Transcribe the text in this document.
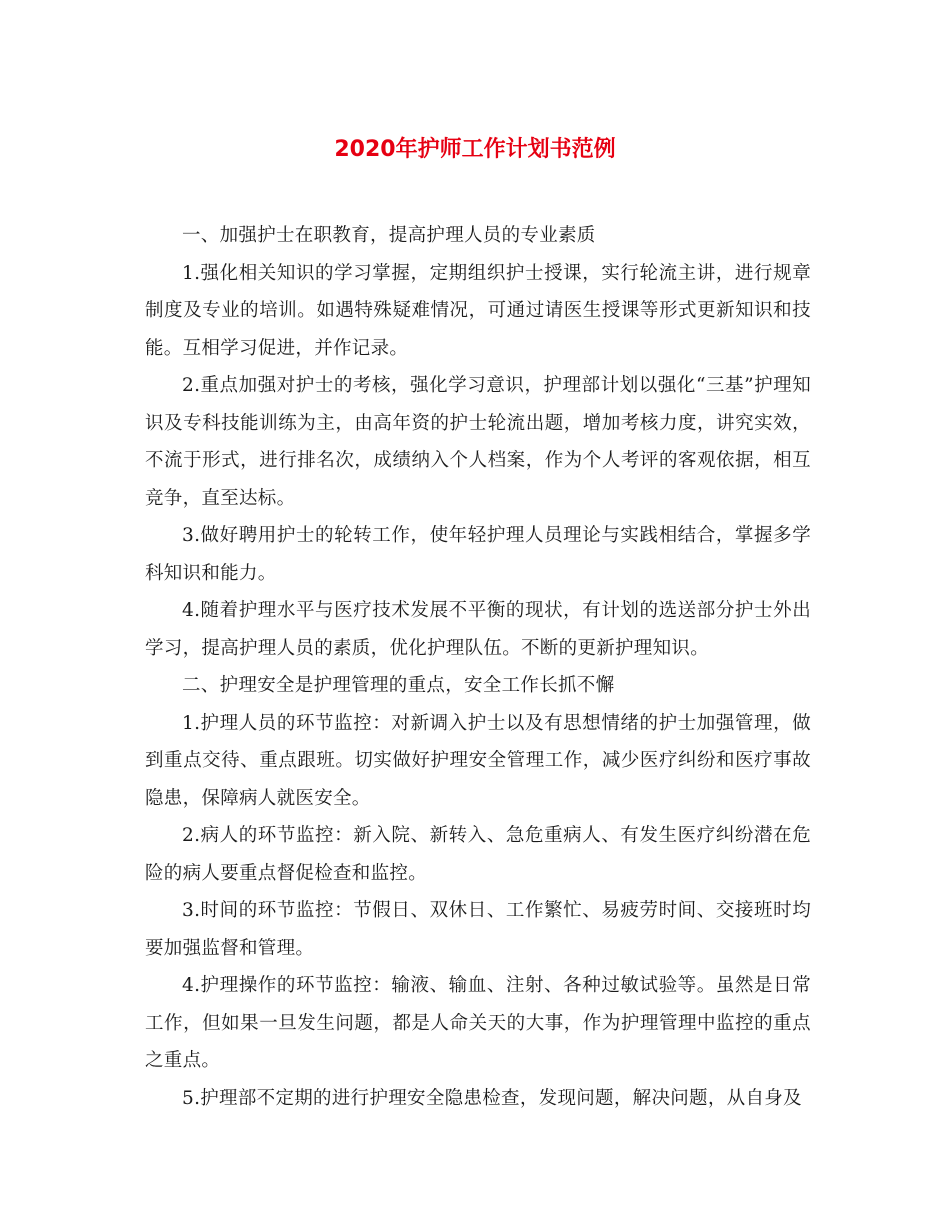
2020年护师工作计划书范例

一、加强护士在职教育，提高护理人员的专业素质

1.强化相关知识的学习掌握，定期组织护士授课，实行轮流主讲，进行规章制度及专业的培训。如遇特殊疑难情况，可通过请医生授课等形式更新知识和技能。互相学习促进，并作记录。

2.重点加强对护士的考核，强化学习意识，护理部计划以强化“三基”护理知识及专科技能训练为主，由高年资的护士轮流出题，增加考核力度，讲究实效，不流于形式，进行排名次，成绩纳入个人档案，作为个人考评的客观依据，相互竞争，直至达标。

3.做好聘用护士的轮转工作，使年轻护理人员理论与实践相结合，掌握多学科知识和能力。

4.随着护理水平与医疗技术发展不平衡的现状，有计划的选送部分护士外出学习，提高护理人员的素质，优化护理队伍。不断的更新护理知识。

二、护理安全是护理管理的重点，安全工作长抓不懈

1.护理人员的环节监控：对新调入护士以及有思想情绪的护士加强管理，做到重点交待、重点跟班。切实做好护理安全管理工作，减少医疗纠纷和医疗事故隐患，保障病人就医安全。

2.病人的环节监控：新入院、新转入、急危重病人、有发生医疗纠纷潜在危险的病人要重点督促检查和监控。

3.时间的环节监控：节假日、双休日、工作繁忙、易疲劳时间、交接班时均要加强监督和管理。

4.护理操作的环节监控：输液、输血、注射、各种过敏试验等。虽然是日常工作，但如果一旦发生问题，都是人命关天的大事，作为护理管理中监控的重点之重点。

5.护理部不定期的进行护理安全隐患检查，发现问题，解决问题，从自身及
